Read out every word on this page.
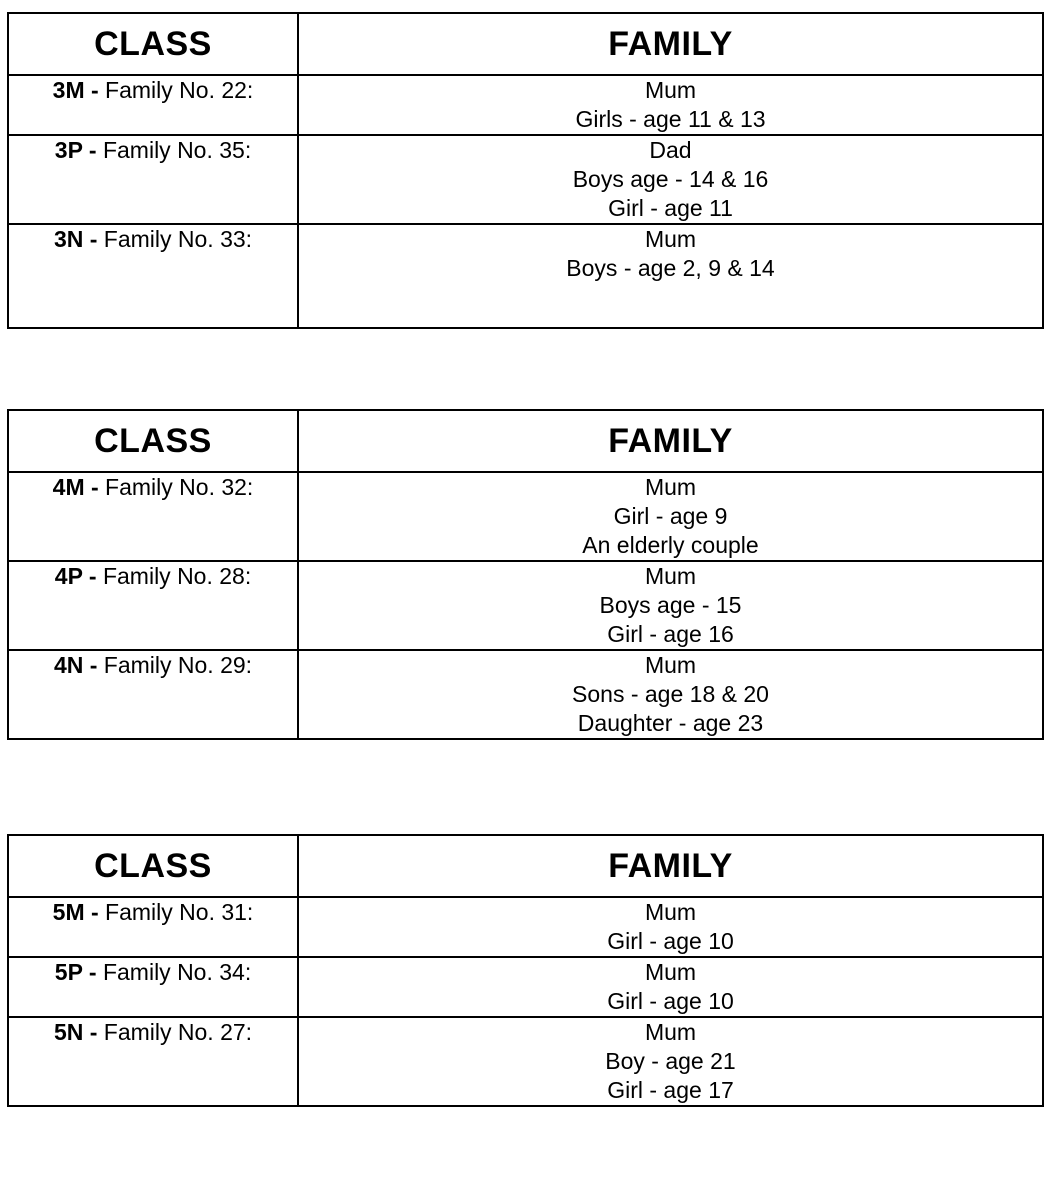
CLASS	FAMILY
3M - Family No. 22:	Mum
Girls - age 11 & 13

3P - Family No. 35:	Dad
Boys age - 14 & 16
Girl - age 11

3N - Family No. 33:	Mum
Boys - age 2, 9 & 14
CLASS	FAMILY
4M - Family No. 32:	Mum
Girl - age 9
An elderly couple

4P - Family No. 28:	Mum
Boys age - 15
Girl - age 16

4N - Family No. 29:	Mum
Sons - age 18 & 20
Daughter - age 23
CLASS	FAMILY
5M - Family No. 31:	Mum
Girl - age 10

5P - Family No. 34:	Mum
Girl - age 10

5N - Family No. 27:	Mum
Boy - age 21
Girl - age 17
